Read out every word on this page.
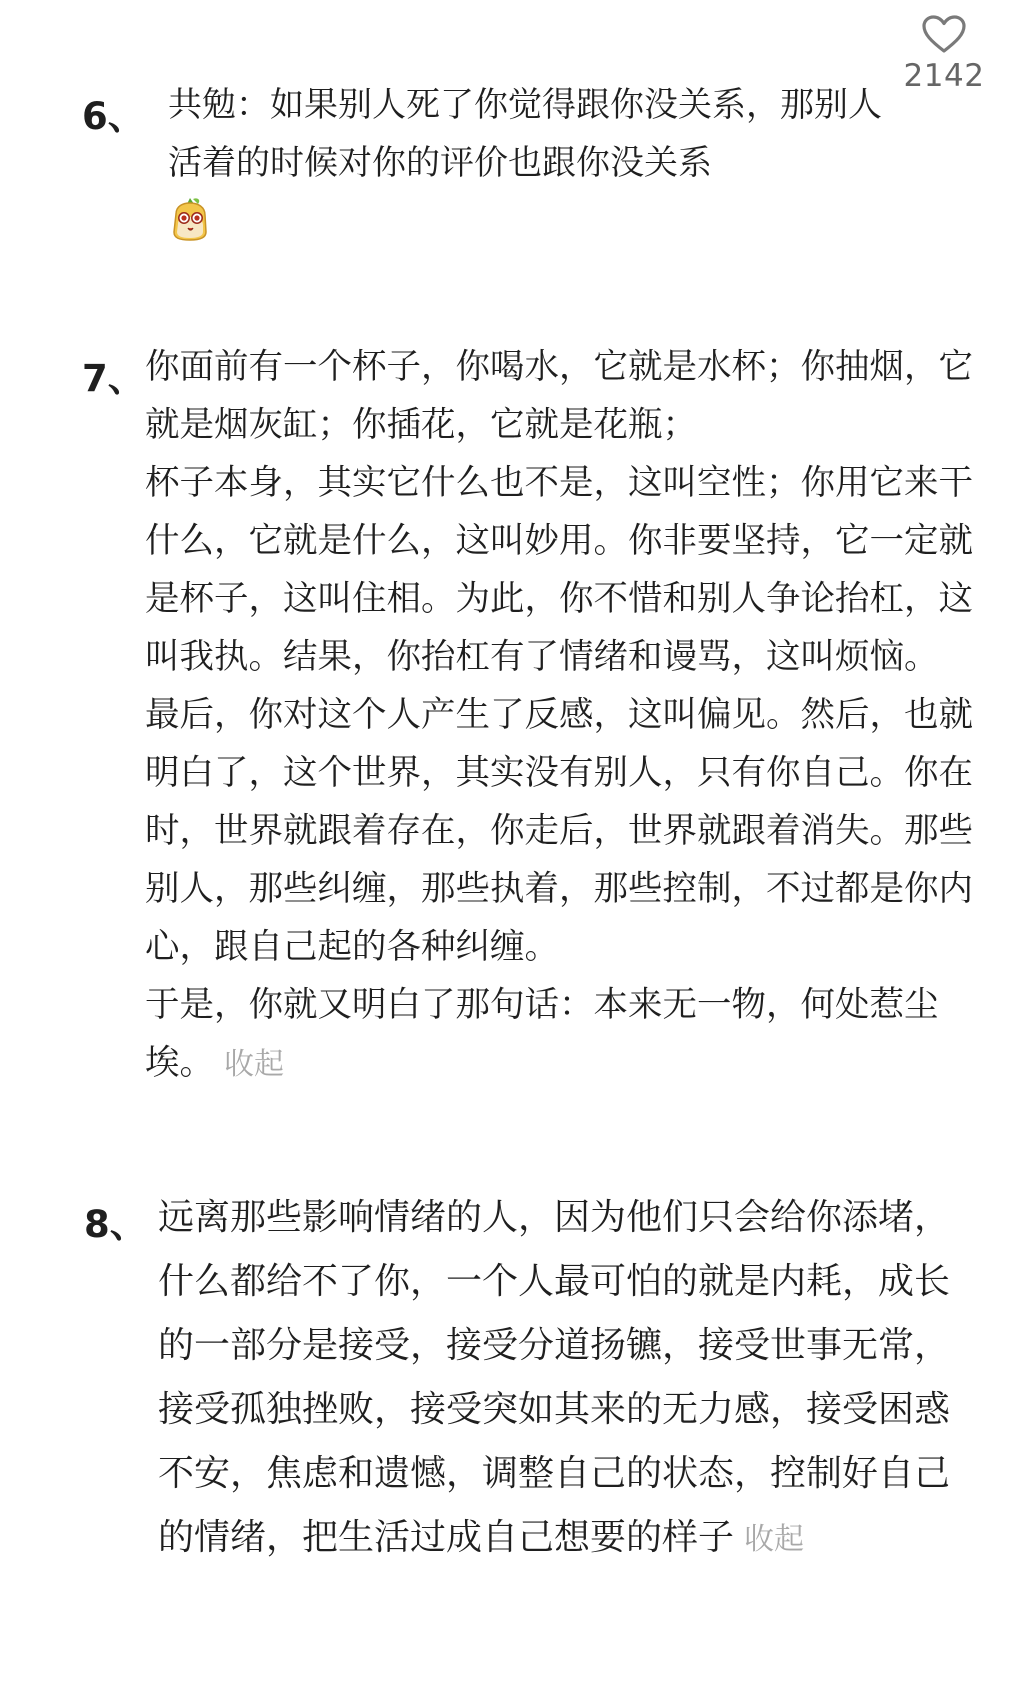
2142
6、 共勉：如果别人死了你觉得跟你没关系，那别人活着的时候对你的评价也跟你没关系

7、 你面前有一个杯子，你喝水，它就是水杯；你抽烟，它就是烟灰缸；你插花，它就是花瓶；

杯子本身，其实它什么也不是，这叫空性；你用它来干什么，它就是什么，这叫妙用。你非要坚持，它一定就是杯子，这叫住相。为此，你不惜和别人争论抬杠，这叫我执。结果，你抬杠有了情绪和谩骂，这叫烦恼。

最后，你对这个人产生了反感，这叫偏见。然后，也就明白了，这个世界，其实没有别人，只有你自己。你在时，世界就跟着存在，你走后，世界就跟着消失。那些别人，那些纠缠，那些执着，那些控制，不过都是你内心，跟自己起的各种纠缠。

于是，你就又明白了那句话：本来无一物，何处惹尘埃。 收起

8、 远离那些影响情绪的人，因为他们只会给你添堵，什么都给不了你，一个人最可怕的就是内耗，成长的一部分是接受，接受分道扬镳，接受世事无常，接受孤独挫败，接受突如其来的无力感，接受困惑不安，焦虑和遗憾，调整自己的状态，控制好自己的情绪，把生活过成自己想要的样子 收起
